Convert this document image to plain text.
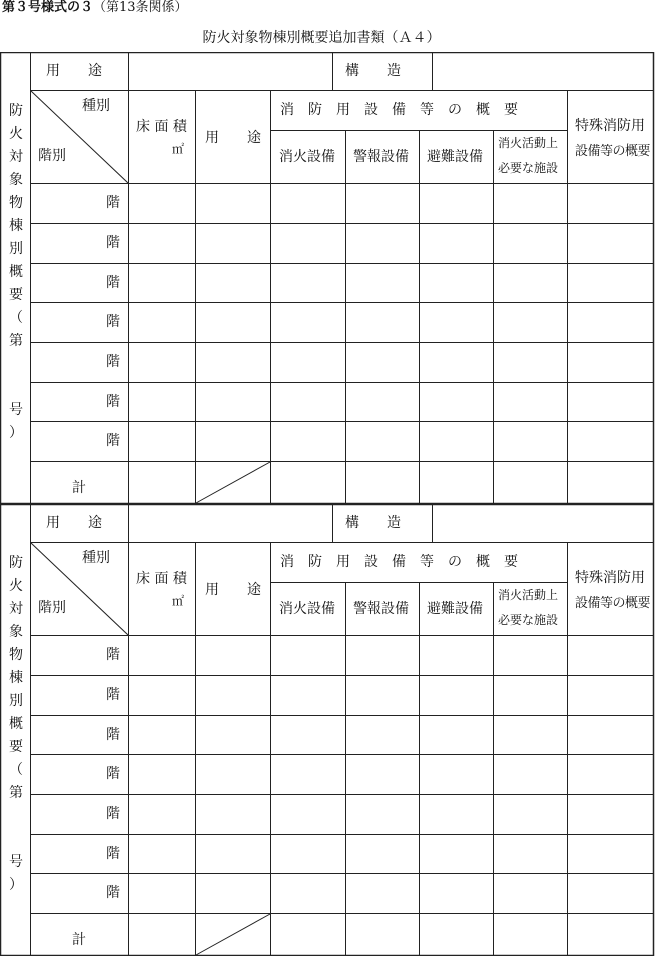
第３号様式の３（第13条関係）
防火対象物棟別概要追加書類（Ａ４）
用　　途	構　　造
防
火
対
象
物
棟
別
概
要
（
第
号
）
種別
階別
床 面 積
㎡
用　　途
消　防　用　設　備　等　の　概　要
消火設備 警報設備 避難設備
消火活動上
必要な施設
特殊消防用
設備等の概要
階
階
階
階
階
階
階
計
用　　途	構　　造
防
火
対
象
物
棟
別
概
要
（
第
号
）
種別
階別
床 面 積
㎡
用　　途
消　防　用　設　備　等　の　概　要
消火設備 警報設備 避難設備
消火活動上
必要な施設
特殊消防用
設備等の概要
階
階
階
階
階
階
階
計
